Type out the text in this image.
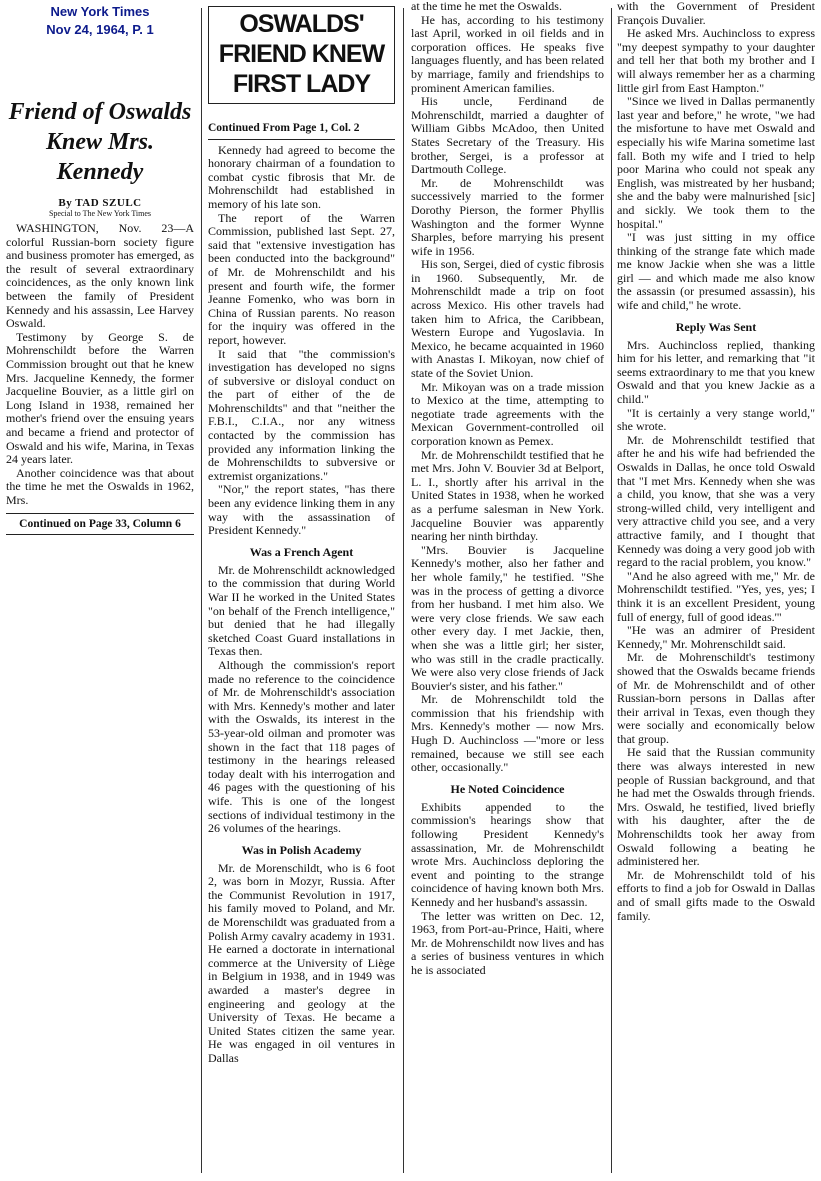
New York Times
Nov 24, 1964, P. 1
Friend of Oswalds Knew Mrs. Kennedy
By TAD SZULC
Special to The New York Times

WASHINGTON, Nov. 23—A colorful Russian-born society figure and business promoter has emerged, as the result of several extraordinary coincidences, as the only known link between the family of President Kennedy and his assassin, Lee Harvey Oswald.

Testimony by George S. de Mohrenschildt before the Warren Commission brought out that he knew Mrs. Jacqueline Kennedy, the former Jacqueline Bouvier, as a little girl on Long Island in 1938, remained her mother's friend over the ensuing years and became a friend and protector of Oswald and his wife, Marina, in Texas 24 years later.

Another coincidence was that about the time he met the Oswalds in 1962, Mrs.

Continued on Page 33, Column 6
OSWALDS' FRIEND KNEW FIRST LADY

Continued From Page 1, Col. 2

Kennedy had agreed to become the honorary chairman of a foundation to combat cystic fibrosis that Mr. de Mohrenschildt had established in memory of his late son.

The report of the Warren Commission, published last Sept. 27, said that "extensive investigation has been conducted into the background" of Mr. de Mohrenschildt and his present and fourth wife, the former Jeanne Fomenko, who was born in China of Russian parents. No reason for the inquiry was offered in the report, however.

It said that "the commission's investigation has developed no signs of subversive or disloyal conduct on the part of either of the de Mohrenschildts" and that "neither the F.B.I., C.I.A., nor any witness contacted by the commission has provided any information linking the de Mohrenschildts to subversive or extremist organizations."

"Nor," the report states, "has there been any evidence linking them in any way with the assassination of President Kennedy."

Was a French Agent

Mr. de Mohrenschildt acknowledged to the commission that during World War II he worked in the United States "on behalf of the French intelligence," but denied that he had illegally sketched Coast Guard installations in Texas then.

Although the commission's report made no reference to the coincidence of Mr. de Mohrenschildt's association with Mrs. Kennedy's mother and later with the Oswalds, its interest in the 53-year-old oilman and promoter was shown in the fact that 118 pages of testimony in the hearings released today dealt with his interrogation and 46 pages with the questioning of his wife. This is one of the longest sections of individual testimony in the 26 volumes of the hearings.

Was in Polish Academy

Mr. de Morenschildt, who is 6 foot 2, was born in Mozyr, Russia. After the Communist Revolution in 1917, his family moved to Poland, and Mr. de Morenschildt was graduated from a Polish Army cavalry academy in 1931. He earned a doctorate in international commerce at the University of Liège in Belgium in 1938, and in 1949 was awarded a master's degree in engineering and geology at the University of Texas. He became a United States citizen the same year. He was engaged in oil ventures in Dallas

at the time he met the Oswalds.

He has, according to his testimony last April, worked in oil fields and in corporation offices. He speaks five languages fluently, and has been related by marriage, family and friendships to prominent American families.

His uncle, Ferdinand de Mohrenschildt, married a daughter of William Gibbs McAdoo, then United States Secretary of the Treasury. His brother, Sergei, is a professor at Dartmouth College.

Mr. de Mohrenschildt was successively married to the former Dorothy Pierson, the former Phyllis Washington and the former Wynne Sharples, before marrying his present wife in 1956.

His son, Sergei, died of cystic fibrosis in 1960. Subsequently, Mr. de Mohrenschildt made a trip on foot across Mexico. His other travels had taken him to Africa, the Caribbean, Western Europe and Yugoslavia. In Mexico, he became acquainted in 1960 with Anastas I. Mikoyan, now chief of state of the Soviet Union.

Mr. Mikoyan was on a trade mission to Mexico at the time, attempting to negotiate trade agreements with the Mexican Government-controlled oil corporation known as Pemex.

Mr. de Mohrenschildt testified that he met Mrs. John V. Bouvier 3d at Belport, L. I., shortly after his arrival in the United States in 1938, when he worked as a perfume salesman in New York. Jacqueline Bouvier was apparently nearing her ninth birthday.

"Mrs. Bouvier is Jacqueline Kennedy's mother, also her father and her whole family," he testified. "She was in the process of getting a divorce from her husband. I met him also. We were very close friends. We saw each other every day. I met Jackie, then, when she was a little girl; her sister, who was still in the cradle practically. We were also very close friends of Jack Bouvier's sister, and his father."

Mr. de Mohrenschildt told the commission that his friendship with Mrs. Kennedy's mother — now Mrs. Hugh D. Auchincloss —"more or less remained, because we still see each other, occasionally."

He Noted Coincidence

Exhibits appended to the commission's hearings show that following President Kennedy's assassination, Mr. de Mohrenschildt wrote Mrs. Auchincloss deploring the event and pointing to the strange coincidence of having known both Mrs. Kennedy and her husband's assassin.

The letter was written on Dec. 12, 1963, from Port-au-Prince, Haiti, where Mr. de Mohrenschildt now lives and has a series of business ventures in which he is associated

with the Government of President François Duvalier.

He asked Mrs. Auchincloss to express "my deepest sympathy to your daughter and tell her that both my brother and I will always remember her as a charming little girl from East Hampton."

"Since we lived in Dallas permanently last year and before," he wrote, "we had the misfortune to have met Oswald and especially his wife Marina sometime last fall. Both my wife and I tried to help poor Marina who could not speak any English, was mistreated by her husband; she and the baby were malnurished [sic] and sickly. We took them to the hospital."

"I was just sitting in my office thinking of the strange fate which made me know Jackie when she was a little girl — and which made me also know the assassin (or presumed assassin), his wife and child," he wrote.

Reply Was Sent

Mrs. Auchincloss replied, thanking him for his letter, and remarking that "it seems extraordinary to me that you knew Oswald and that you knew Jackie as a child."

"It is certainly a very stange world," she wrote.

Mr. de Mohrenschildt testified that after he and his wife had befriended the Oswalds in Dallas, he once told Oswald that "I met Mrs. Kennedy when she was a child, you know, that she was a very strong-willed child, very intelligent and very attractive child you see, and a very attractive family, and I thought that Kennedy was doing a very good job with regard to the racial problem, you know."

"And he also agreed with me," Mr. de Mohrenschildt testified. "Yes, yes, yes; I think it is an excellent President, young full of energy, full of good ideas.'"

"He was an admirer of President Kennedy," Mr. Mohrenschildt said.

Mr. de Mohrenschildt's testimony showed that the Oswalds became friends of Mr. de Mohrenschildt and of other Russian-born persons in Dallas after their arrival in Texas, even though they were socially and economically below that group.

He said that the Russian community there was always interested in new people of Russian background, and that he had met the Oswalds through friends. Mrs. Oswald, he testified, lived briefly with his daughter, after the de Mohrenschildts took her away from Oswald following a beating he administered her.

Mr. de Mohrenschildt told of his efforts to find a job for Oswald in Dallas and of small gifts made to the Oswald family.
